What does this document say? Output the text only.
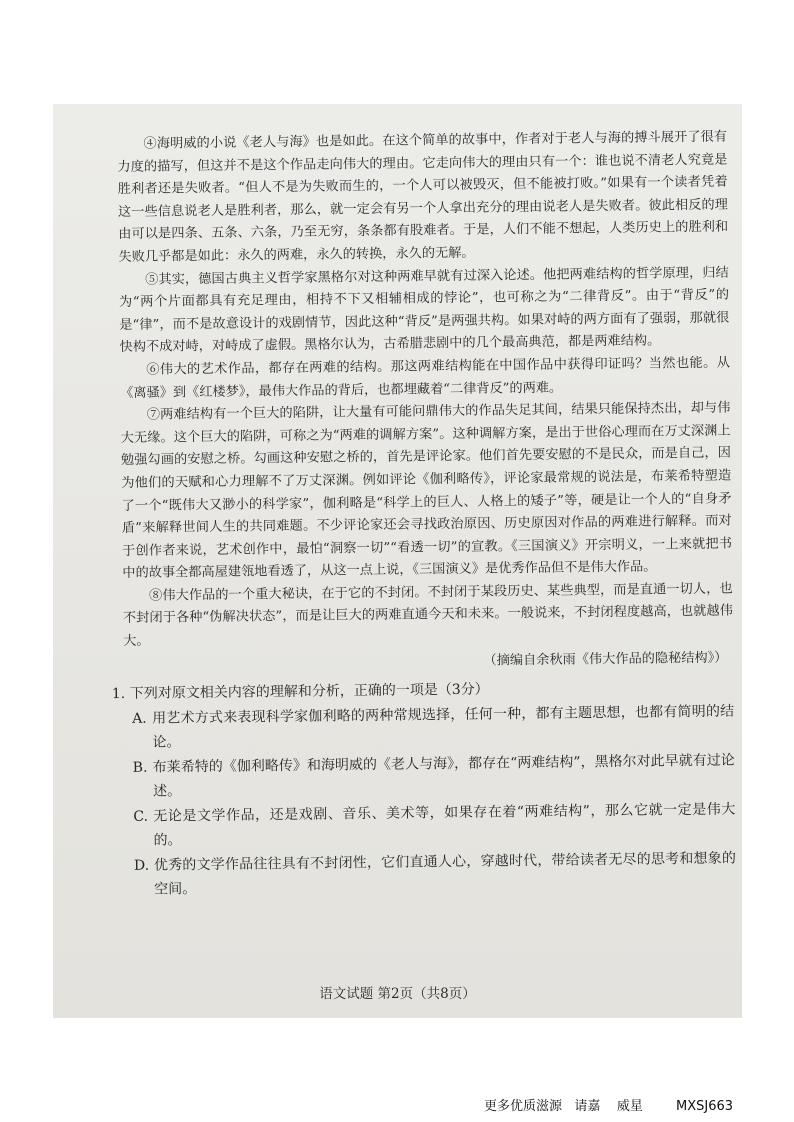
④海明威的小说《老人与海》也是如此。在这个简单的故事中，作者对于老人与海的搏斗展开了很有力度的描写，但这并不是这个作品走向伟大的理由。它走向伟大的理由只有一个：谁也说不清老人究竟是胜利者还是失败者。“但人不是为失败而生的，一个人可以被毁灭，但不能被打败。”如果有一个读者凭着这一些信息说老人是胜利者，那么，就一定会有另一个人拿出充分的理由说老人是失败者。彼此相反的理由可以是四条、五条、六条，乃至无穷，条条都有股难者。于是，人们不能不想起，人类历史上的胜利和失败几乎都是如此：永久的两难，永久的转换，永久的无解。

⑤其实，德国古典主义哲学家黑格尔对这种两难早就有过深入论述。他把两难结构的哲学原理，归结为“两个片面都具有充足理由，相持不下又相辅相成的悖论”，也可称之为“二律背反”。由于“背反”的是“律”，而不是故意设计的戏剧情节，因此这种“背反”是两强共构。如果对峙的两方面有了强弱，那就很快构不成对峙，对峙成了虚假。黑格尔认为，古希腊悲剧中的几个最高典范，都是两难结构。

⑥伟大的艺术作品，都存在两难的结构。那这两难结构能在中国作品中获得印证吗？当然也能。从《离骚》到《红楼梦》，最伟大作品的背后，也都埋藏着“二律背反”的两难。

⑦两难结构有一个巨大的陷阱，让大量有可能问鼎伟大的作品失足其间，结果只能保持杰出，却与伟大无缘。这个巨大的陷阱，可称之为“两难的调解方案”。这种调解方案，是出于世俗心理而在万丈深渊上勉强勾画的安慰之桥。勾画这种安慰之桥的，首先是评论家。他们首先要安慰的不是民众，而是自己，因为他们的天赋和心力理解不了万丈深渊。例如评论《伽利略传》，评论家最常规的说法是，布莱希特塑造了一个“既伟大又渺小的科学家”，伽利略是“科学上的巨人、人格上的矮子”等，硬是让一个人的“自身矛盾”来解释世间人生的共同难题。不少评论家还会寻找政治原因、历史原因对作品的两难进行解释。而对于创作者来说，艺术创作中，最怕“洞察一切”“看透一切”的宣教。《三国演义》开宗明义，一上来就把书中的故事全都高屋建瓴地看透了，从这一点上说，《三国演义》是优秀作品但不是伟大作品。

⑧伟大作品的一个重大秘诀，在于它的不封闭。不封闭于某段历史、某些典型，而是直通一切人，也不封闭于各种“伪解决状态”，而是让巨大的两难直通今天和未来。一般说来，不封闭程度越高，也就越伟大。

（摘编自余秋雨《伟大作品的隐秘结构》）

1. 下列对原文相关内容的理解和分析，正确的一项是（3分）
A. 用艺术方式来表现科学家伽利略的两种常规选择，任何一种，都有主题思想，也都有简明的结论。
B. 布莱希特的《伽利略传》和海明威的《老人与海》，都存在“两难结构”，黑格尔对此早就有过论述。
C. 无论是文学作品，还是戏剧、音乐、美术等，如果存在着“两难结构”，那么它就一定是伟大的。
D. 优秀的文学作品往往具有不封闭性，它们直通人心，穿越时代，带给读者无尽的思考和想象的空间。
语文试题 第2页（共8页）
更多优质滋源   请嘉    威星        MXSJ663
